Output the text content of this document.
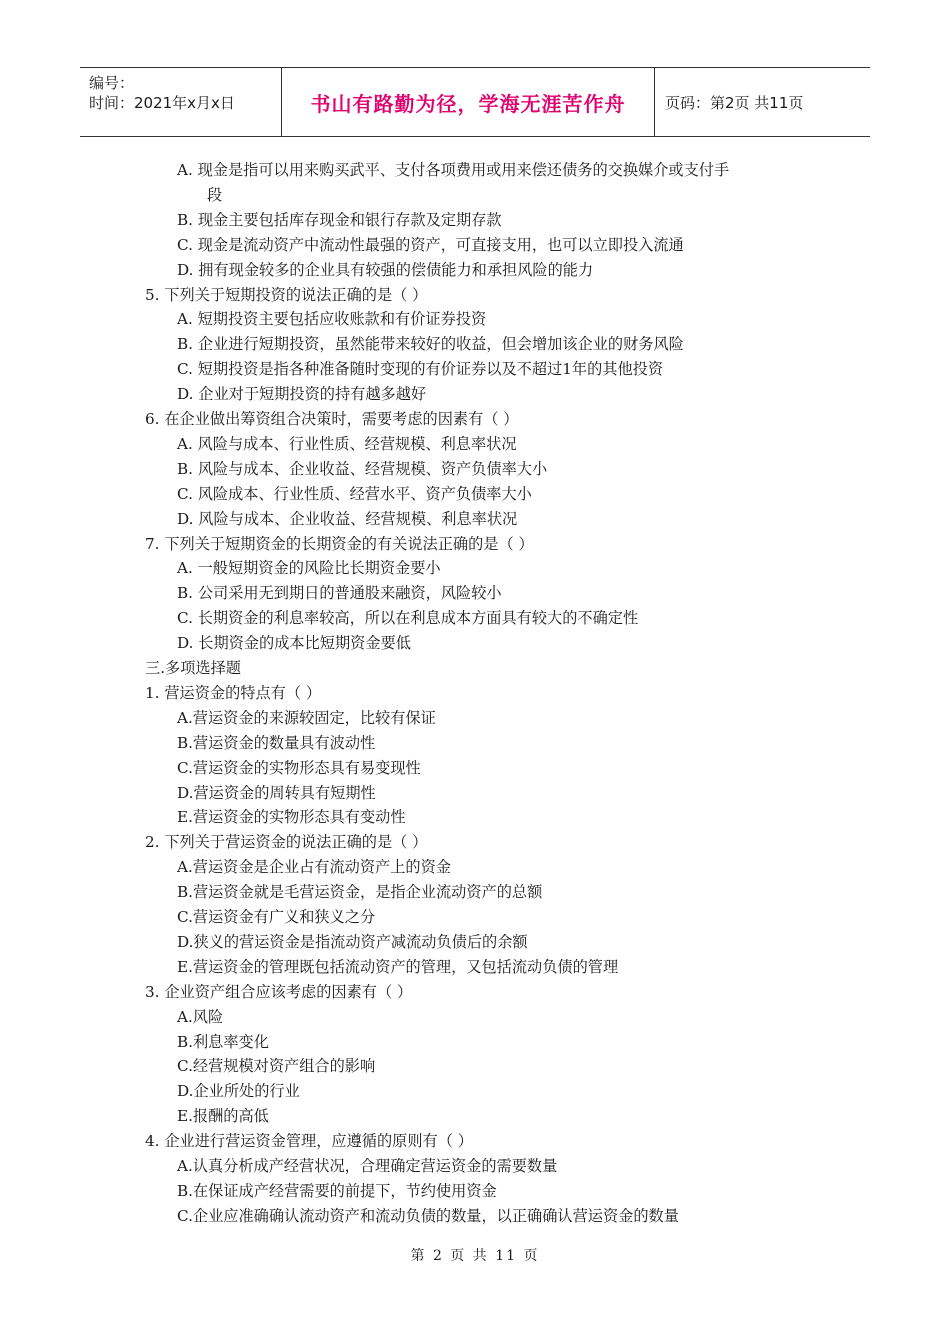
编号：
时间：2021年x月x日	书山有路勤为径，学海无涯苦作舟	页码：第2页 共11页
A. 现金是指可以用来购买武平、支付各项费用或用来偿还债务的交换媒介或支付手
段
B. 现金主要包括库存现金和银行存款及定期存款
C. 现金是流动资产中流动性最强的资产，可直接支用，也可以立即投入流通
D. 拥有现金较多的企业具有较强的偿债能力和承担风险的能力
5. 下列关于短期投资的说法正确的是（ ）
A. 短期投资主要包括应收账款和有价证券投资
B. 企业进行短期投资，虽然能带来较好的收益，但会增加该企业的财务风险
C. 短期投资是指各种准备随时变现的有价证券以及不超过1年的其他投资
D. 企业对于短期投资的持有越多越好
6. 在企业做出筹资组合决策时，需要考虑的因素有（ ）
A. 风险与成本、行业性质、经营规模、利息率状况
B. 风险与成本、企业收益、经营规模、资产负债率大小
C. 风险成本、行业性质、经营水平、资产负债率大小
D. 风险与成本、企业收益、经营规模、利息率状况
7. 下列关于短期资金的长期资金的有关说法正确的是（ ）
A. 一般短期资金的风险比长期资金要小
B. 公司采用无到期日的普通股来融资，风险较小
C. 长期资金的利息率较高，所以在利息成本方面具有较大的不确定性
D. 长期资金的成本比短期资金要低
三.多项选择题
1. 营运资金的特点有（ ）
A.营运资金的来源较固定，比较有保证
B.营运资金的数量具有波动性
C.营运资金的实物形态具有易变现性
D.营运资金的周转具有短期性
E.营运资金的实物形态具有变动性
2. 下列关于营运资金的说法正确的是（ ）
A.营运资金是企业占有流动资产上的资金
B.营运资金就是毛营运资金，是指企业流动资产的总额
C.营运资金有广义和狭义之分
D.狭义的营运资金是指流动资产减流动负债后的余额
E.营运资金的管理既包括流动资产的管理，又包括流动负债的管理
3. 企业资产组合应该考虑的因素有（ ）
A.风险
B.利息率变化
C.经营规模对资产组合的影响
D.企业所处的行业
E.报酬的高低
4. 企业进行营运资金管理，应遵循的原则有（ ）
A.认真分析成产经营状况，合理确定营运资金的需要数量
B.在保证成产经营需要的前提下，节约使用资金
C.企业应准确确认流动资产和流动负债的数量，以正确确认营运资金的数量
第 2 页 共 11 页
